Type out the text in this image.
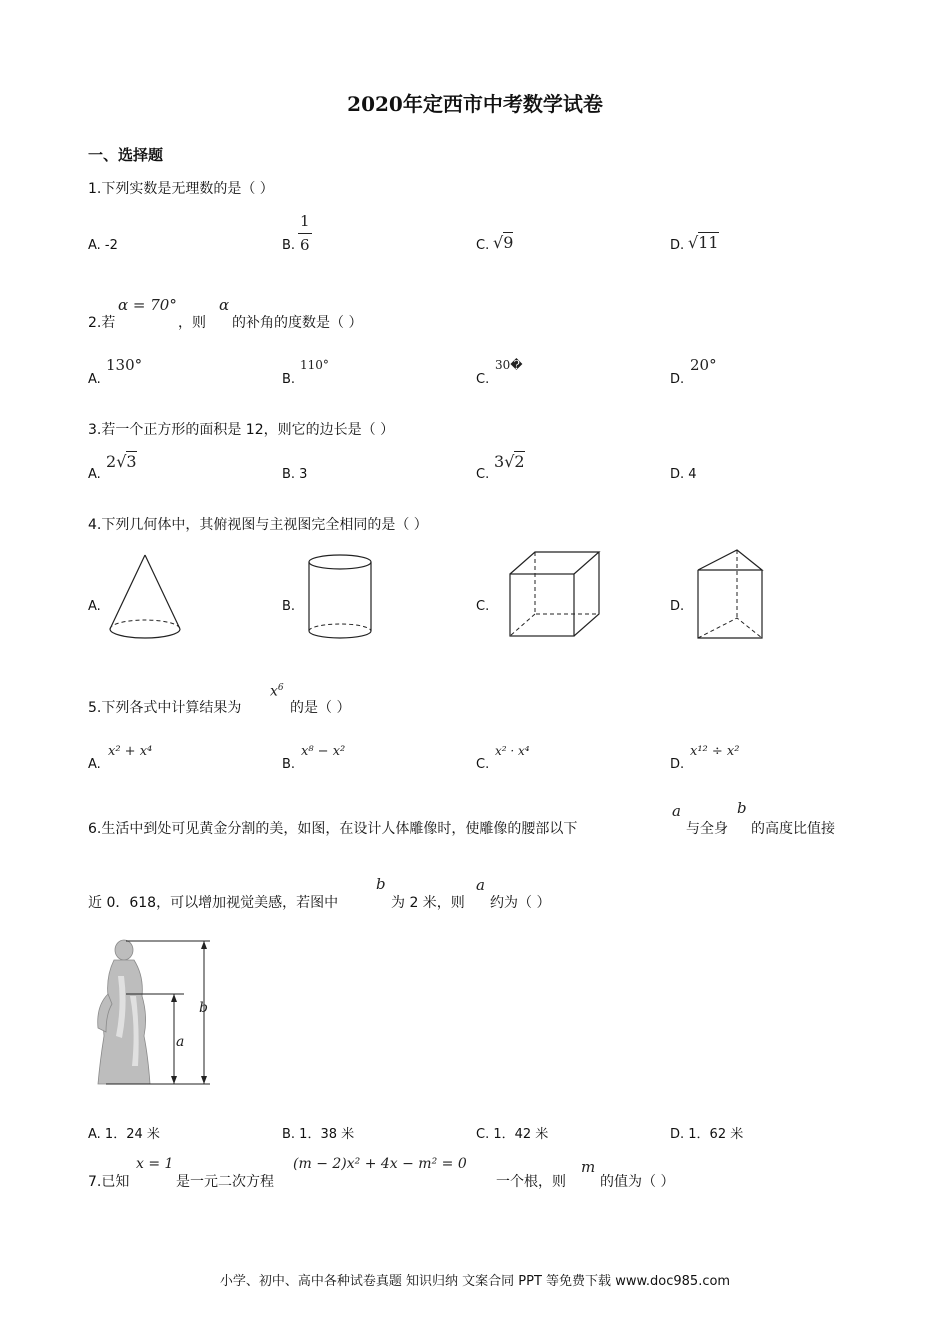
2020年定西市中考数学试卷
一、选择题
1.下列实数是无理数的是（ ）
A. -2	B.
1
6	C. √9	D. √11
2.若
α = 70°
，则
α
的补角的度数是（ ）
A.
130°
B.
110°
C.
30�
D.
20°
3.若一个正方形的面积是 12，则它的边长是（ ）
A.
2√3
B. 3	C.
3√2
D. 4
4.下列几何体中，其俯视图与主视图完全相同的是（ ）
A.	B.	C.	D.
5.下列各式中计算结果为
$x^6$
的是（ ）
A.
x² + x⁴
B.
x⁸ − x²
C.
x² · x⁴
D.
x¹² ÷ x²
6.生活中到处可见黄金分割的美，如图，在设计人体雕像时，使雕像的腰部以下
a
与全身
b
的高度比值接
近 0．618，可以增加视觉美感，若图中
b
为 2 米，则
a
约为（ ）
a
b
A. 1．24 米	B. 1．38 米	C. 1．42 米	D. 1．62 米
7.已知
x = 1
是一元二次方程
(m − 2)x² + 4x − m² = 0
一个根，则
m
的值为（ ）
小学、初中、高中各种试卷真题 知识归纳 文案合同 PPT 等免费下载 www.doc985.com
